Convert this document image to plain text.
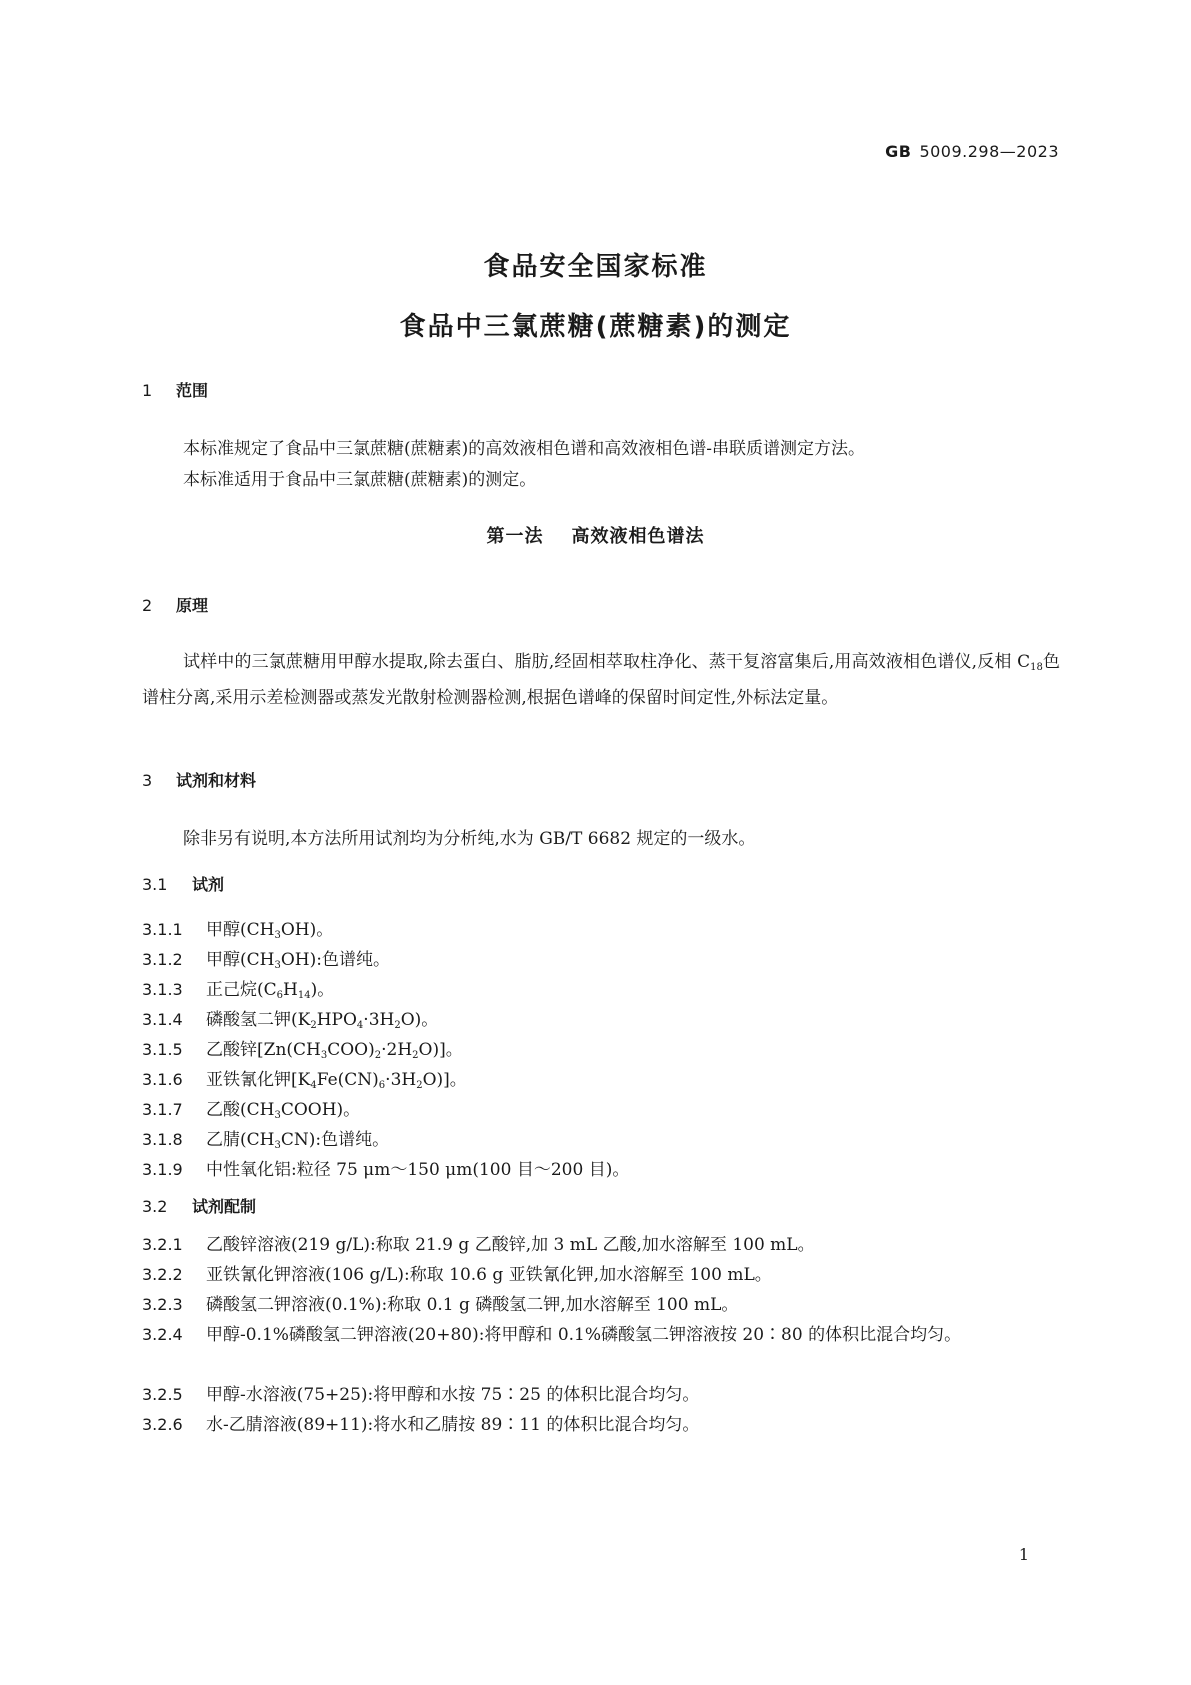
GB 5009.298—2023
食品安全国家标准
食品中三氯蔗糖(蔗糖素)的测定
1 范围
本标准规定了食品中三氯蔗糖(蔗糖素)的高效液相色谱和高效液相色谱-串联质谱测定方法。
本标准适用于食品中三氯蔗糖(蔗糖素)的测定。
第一法 高效液相色谱法
2 原理
试样中的三氯蔗糖用甲醇水提取,除去蛋白、脂肪,经固相萃取柱净化、蒸干复溶富集后,用高效液相色谱仪,反相 $C_{18}$色谱柱分离,采用示差检测器或蒸发光散射检测器检测,根据色谱峰的保留时间定性,外标法定量。
3 试剂和材料
除非另有说明,本方法所用试剂均为分析纯,水为 GB/T 6682 规定的一级水。
3.1 试剂
3.1.1 甲醇$(CH_3OH)$。
3.1.2 甲醇$(CH_3OH)$:色谱纯。
3.1.3 正己烷$(C_6H_{14})$。
3.1.4 磷酸氢二钾$(K_2HPO_4\cdot 3H_2O)$。
3.1.5 乙酸锌$[Zn(CH_3COO)_2\cdot 2H_2O)$]。
3.1.6 亚铁氰化钾$[K_4Fe(CN)_6\cdot 3H_2O)$]。
3.1.7 乙酸$(CH_3COOH)$。
3.1.8 乙腈$(CH_3CN)$:色谱纯。
3.1.9 中性氧化铝:粒径 75 μm～150 μm(100 目～200 目)。
3.2 试剂配制
3.2.1 乙酸锌溶液(219 g/L):称取 21.9 g 乙酸锌,加 3 mL 乙酸,加水溶解至 100 mL。
3.2.2 亚铁氰化钾溶液(106 g/L):称取 10.6 g 亚铁氰化钾,加水溶解至 100 mL。
3.2.3 磷酸氢二钾溶液(0.1%):称取 0.1 g 磷酸氢二钾,加水溶解至 100 mL。
3.2.4 甲醇-0.1%磷酸氢二钾溶液(20+80):将甲醇和 0.1%磷酸氢二钾溶液按 20∶80 的体积比混合均匀。
3.2.5 甲醇-水溶液(75+25):将甲醇和水按 75∶25 的体积比混合均匀。
3.2.6 水-乙腈溶液(89+11):将水和乙腈按 89∶11 的体积比混合均匀。
1
